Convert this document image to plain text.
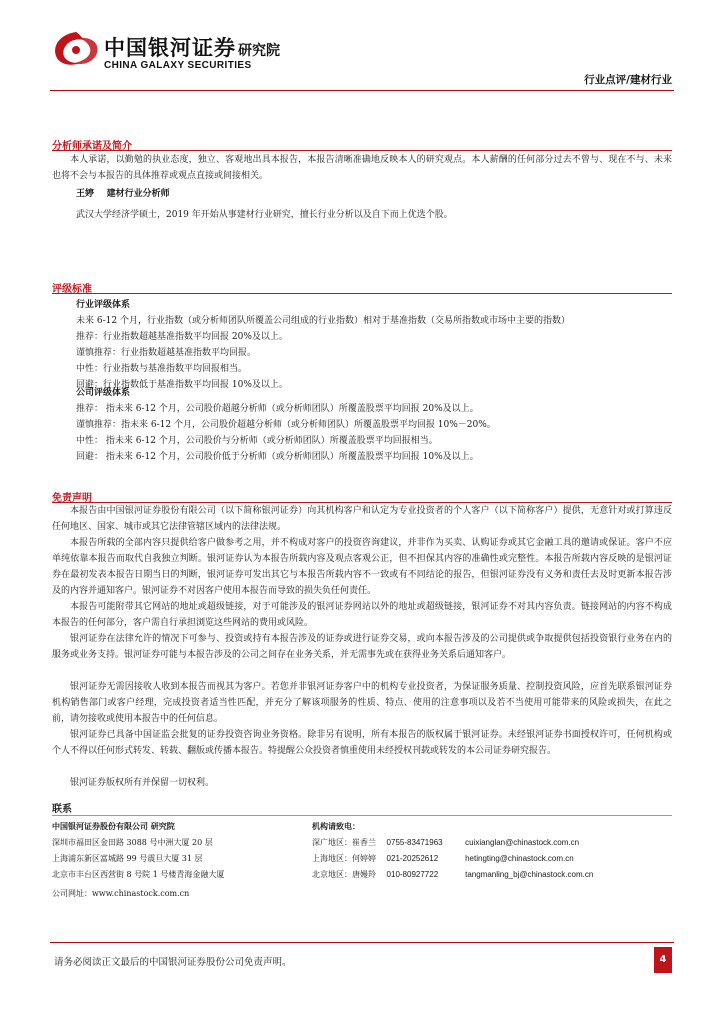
中国银河证券 研究院
CHINA GALAXY SECURITIES
行业点评/建材行业
分析师承诺及简介

本人承诺，以勤勉的执业态度，独立、客观地出具本报告，本报告清晰准确地反映本人的研究观点。本人薪酬的任何部分过去不曾与、现在不与、未来也将不会与本报告的具体推荐或观点直接或间接相关。

王婷 建材行业分析师
武汉大学经济学硕士，2019 年开始从事建材行业研究，擅长行业分析以及自下而上优选个股。
评级标准
行业评级体系
未来 6-12 个月，行业指数（或分析师团队所覆盖公司组成的行业指数）相对于基准指数（交易所指数或市场中主要的指数）
推荐：行业指数超越基准指数平均回报 20%及以上。
谨慎推荐：行业指数超越基准指数平均回报。
中性：行业指数与基准指数平均回报相当。
回避：行业指数低于基准指数平均回报 10%及以上。
公司评级体系
推荐： 指未来 6-12 个月，公司股价超越分析师（或分析师团队）所覆盖股票平均回报 20%及以上。
谨慎推荐：指未来 6-12 个月，公司股价超越分析师（或分析师团队）所覆盖股票平均回报 10%－20%。
中性： 指未来 6-12 个月，公司股价与分析师（或分析师团队）所覆盖股票平均回报相当。
回避： 指未来 6-12 个月，公司股价低于分析师（或分析师团队）所覆盖股票平均回报 10%及以上。
免责声明

本报告由中国银河证券股份有限公司（以下简称银河证券）向其机构客户和认定为专业投资者的个人客户（以下简称客户）提供，无意针对或打算违反任何地区、国家、城市或其它法律管辖区域内的法律法规。

本报告所载的全部内容只提供给客户做参考之用，并不构成对客户的投资咨询建议，并非作为买卖、认购证券或其它金融工具的邀请或保证。客户不应单纯依靠本报告而取代自我独立判断。银河证券认为本报告所载内容及观点客观公正，但不担保其内容的准确性或完整性。本报告所载内容反映的是银河证券在最初发表本报告日期当日的判断，银河证券可发出其它与本报告所载内容不一致或有不同结论的报告，但银河证券没有义务和责任去及时更新本报告涉及的内容并通知客户。银河证券不对因客户使用本报告而导致的损失负任何责任。

本报告可能附带其它网站的地址或超级链接，对于可能涉及的银河证券网站以外的地址或超级链接，银河证券不对其内容负责。链接网站的内容不构成本报告的任何部分，客户需自行承担浏览这些网站的费用或风险。

银河证券在法律允许的情况下可参与、投资或持有本报告涉及的证券或进行证券交易，或向本报告涉及的公司提供或争取提供包括投资银行业务在内的服务或业务支持。银河证券可能与本报告涉及的公司之间存在业务关系，并无需事先或在获得业务关系后通知客户。

银河证券无需因接收人收到本报告而视其为客户。若您并非银河证券客户中的机构专业投资者，为保证服务质量、控制投资风险，应首先联系银河证券机构销售部门或客户经理，完成投资者适当性匹配，并充分了解该项服务的性质、特点、使用的注意事项以及若不当使用可能带来的风险或损失，在此之前，请勿接收或使用本报告中的任何信息。

银河证券已具备中国证监会批复的证券投资咨询业务资格。除非另有说明，所有本报告的版权属于银河证券。未经银河证券书面授权许可，任何机构或个人不得以任何形式转发、转载、翻版或传播本报告。特提醒公众投资者慎重使用未经授权刊载或转发的本公司证券研究报告。

银河证券版权所有并保留一切权利。

联系
中国银河证券股份有限公司 研究院
深圳市福田区金田路 3088 号中洲大厦 20 层
上海浦东新区富城路 99 号震旦大厦 31 层
北京市丰台区西营街 8 号院 1 号楼青海金融大厦
公司网址：www.chinastock.com.cn
机构请致电：
深广地区：崔香兰 0755-83471963	cuixianglan@chinastock.com.cn
上海地区：何婷婷 021-20252612	hetingting@chinastock.com.cn
北京地区：唐嫚羚 010-80927722	tangmanling_bj@chinastock.com.cn
请务必阅读正文最后的中国银河证券股份公司免责声明。	4
